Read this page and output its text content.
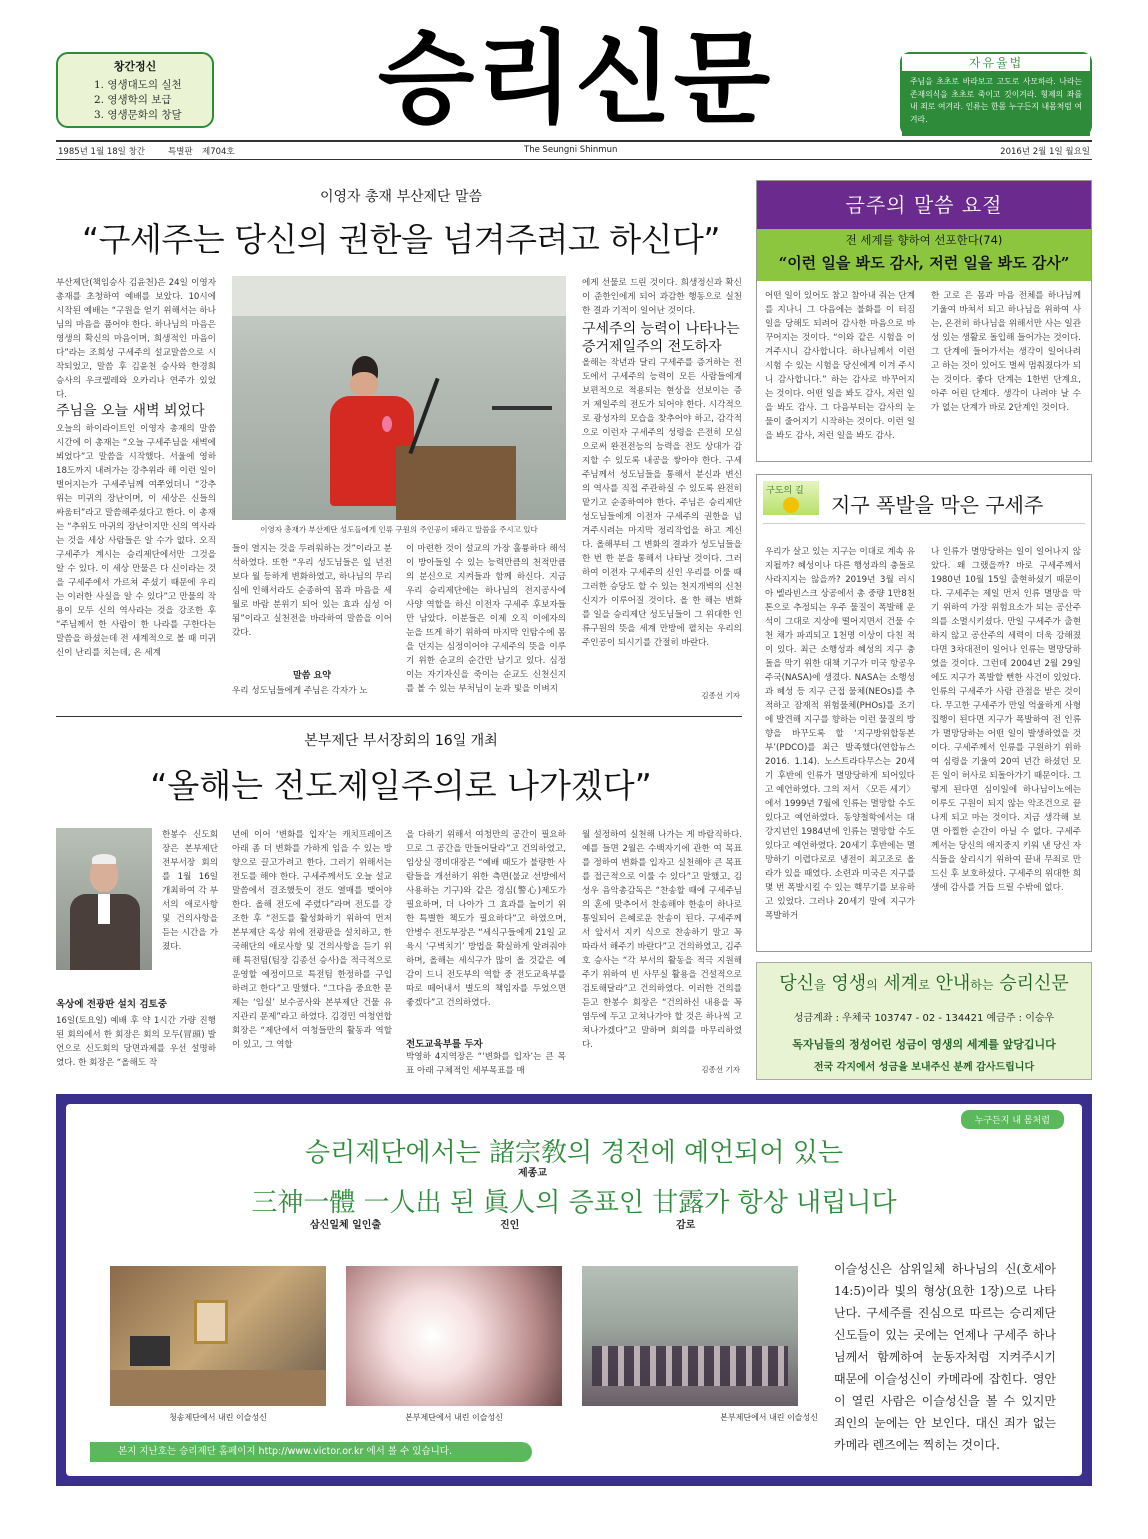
창간정신
1. 영생대도의 실천
2. 영생학의 보급
3. 영생문화의 창달	승리신문	자유율법
주님을 초초로 바라보고 고도로 사모하라. 나라는 존재의식을 초초로 죽이고 깃이겨라. 형제의 좌를 내 죄로 여겨라. 인류는 한몸 누구든지 내몸처럼 여겨라.
1985년 1월 18일 창간	특별판 제704호	The Seungni Shinmun	2016년 2월 1일 월요일
이영자 총재 부산제단 말씀
“구세주는 당신의 권한을 넘겨주려고 하신다”
부산제단(책임승사 김윤천)은 24일 이영자 총재를 초청하여 예배를 보았다. 10시에 시작된 예배는 “구원을 얻기 위해서는 하나님의 마음을 품어야 한다. 하나님의 마음은 영생의 확신의 마음이며, 희생적인 마음이다”라는 조희성 구세주의 설교말씀으로 시작되었고, 말씀 후 김윤천 승사와 한경희 승사의 우크렐레와 오카리나 연주가 있었다.
주님을 오늘 새벽 뵈었다
오늘의 하이라이트인 이영자 총재의 말씀 시간에 이 총재는 “오늘 구세주님을 새벽에 뵈었다”고 말씀을 시작했다. 서울에 영하 18도까지 내려가는 강추위라 해 이런 일이 벌어지는가 구세주님께 여쭈었더니 “강추위는 미귀의 장난이며, 이 세상은 신들의 싸움터”라고 말씀해주셨다고 한다. 이 총재는 “추위도 마귀의 장난이지만 신의 역사라는 것을 세상 사람들은 알 수가 없다. 오직 구세주가 계시는 승리제단에서만 그것을 알 수 있다. 이 세상 만물은 다 신이라는 것을 구세주에서 가르쳐 주셨기 때문에 우리는 이러한 사실을 알 수 있다”고 만물의 작용이 모두 신의 역사라는 것을 강조한 후 “주님께서 한 사람이 한 나라를 구한다는 말씀을 하셨는데 전 세계적으로 볼 때 미귀 신이 난리를 치는데, 온 세계
이영자 총재가 부산제단 성도들에게 인류 구원의 주인공이 돼라고 말씀을 주시고 있다
들이 열지는 것을 두려워하는 것”이라고 분석하였다. 또한 “우리 성도님들은 잎 년전보다 월 등하게 변화하였고, 하나님의 무리심에 인해서라도 순종하여 몸과 마음을 세월로 바람 분위기 되어 있는 효과 심성 이됨”이라고 실천전을 바라하여 말씀을 이어갔다.
말씀 요약
우리 성도님들에게 주님은 각자가 노
이 마련한 것이 설교의 가장 훌륭하다 해석이 방아들일 수 있는 능력만큼의 천적만큼의 분신으로 지켜들과 함께 하신다. 지금 우리 승리제단에는 하나님의 전지공사에 사양 역할을 하신 이전자 구세주 후보자들만 남았다. 이분들은 이제 오직 이에자의 눈을 뜨게 하기 위하여 마지막 인탐수에 몸을 던지는 심정이어야 구세주의 뜻을 이루기 위한 순교의 순간만 남기고 있다. 심정이는 자기자신을 죽이는 순교도 신천신지를 볼 수 있는 부처님이 눈과 빛을 이벼지
에게 선물로 드린 것이다. 희생정신과 확신이 준한인에게 되어 과감한 행동으로 실천한 결과 기적이 일어난 것이다.
구세주의 능력이 나타나는 증거제일주의 전도하자
올해는 작년과 달리 구세주를 증거하는 전도에서 구세주의 능력이 모든 사람들에게 보편적으로 적용되는 현상을 선보이는 증거 제일주의 전도가 되어야 한다. 시각적으로 광성자의 모습을 찾추어야 하고, 감각적으로 이런자 구세주의 성령을 은전히 모심으로써 완전전능의 능력을 전도 상대가 감지할 수 있도록 내공을 쌓아야 한다. 구세주님께서 성도님들을 통해서 분신과 변신의 역사를 직접 주관하실 수 있도록 완전히 맡기고 순종하여야 한다. 주님은 승리제단 성도님들에게 이전자 구세주의 권한을 넘겨주시려는 마지막 정리작업을 하고 계신다. 올해부터 그 변화의 결과가 성도님들을 한 번 한 분을 통해서 나타날 것이다. 그러하여 이전자 구세주의 신인 우리를 이룰 때 그러한 승당도 할 수 있는 천지개벽의 신천신지가 이루어질 것이다. 올 한 해는 변화를 일을 승리제단 성도님들이 그 위대한 인류구원의 뜻을 세계 만방에 펼치는 우리의 주인공이 되시기를 간절히 바란다.
김종선 기자
본부제단 부서장회의 16일 개최
“올해는 전도제일주의로 나가겠다”
한봉수 신도회장은 본부제단 전부서장 회의를 1월 16일 개최하여 각 부서의 애로사항 및 건의사항을 듣는 시간을 가졌다.
옥상에 전광판 설치 검토중
16일(토요일) 예배 후 약 1시간 가량 진행된 회의에서 한 회장은 회의 모두(冒頭) 발언으로 신도회의 당면과제를 우선 설명하였다. 한 회장은 “올해도 작
년에 이어 ‘변화를 입자’는 캐치프레이즈 아래 좀 더 변화를 가하게 임을 수 있는 방향으로 끌고가려고 한다. 그러기 위해서는 전도를 해야 한다. 구세주께서도 오늘 설교 말씀에서 걸조했듯이 전도 열매를 맺어야 한다. 올해 전도에 주렸다”라며 전도를 강조한 후 “전도를 활성화하기 위하여 먼저 본부제단 옥상 위에 전광판을 설치하고, 한국해단의 애로사항 및 건의사항을 듣기 위해 특전팀(팀장 김종선 승사)을 적극적으로 운영할 예정이므로 특전팀 한정하를 구입하려고 한다”고 말했다. “그다음 중요한 문제는 ‘임실’ 보수공사와 본부제단 건물 유지관리 문제”라고 하였다. 김경민 여청연합회장은 “제단에서 여청들만의 활동과 역할이 있고, 그 역할
을 다하기 위해서 여청만의 공간이 필요하므로 그 공간을 만들어달라”고 건의하였고, 임상실 경비대장은 “예배 때도가 불량한 사람들을 개선하기 위한 측면(불교 선방에서 사용하는 기구)와 같은 경심(警心)제도가 필요하며, 더 나아가 그 효과를 높이기 위한 특별한 책도가 필요하다”고 하였으며, 안병수 전도부장은 “세식구들에게 21일 교육시 ‘구벽치기’ 방법을 확실하게 알려줘야 하며, 올해는 세식구가 많이 올 것같은 예감이 드니 전도부의 역할 중 전도교육부를 따로 떼어내서 별도의 책임자를 두었으면 좋겠다”고 건의하였다.
전도교육부를 두자
박영하 4지역장은 “‘변화를 입자’는 큰 목표 아래 구체적인 세부목표를 매
월 설정하여 실천해 나가는 게 바람직하다. 예를 들면 2월은 수백자기에 관한 여 목표를 정하여 변화를 입자고 실천해야 큰 목표를 접근적으로 이룰 수 있다”고 말했고, 김성우 음악총감독은 “찬송할 때에 구세주님의 혼에 맞추어서 찬송해야 한송이 하나로 통일되어 은혜로운 찬송이 된다. 구세주께서 앞서서 지키 식으로 찬송하기 말고 꼭 따라서 해주기 바란다”고 건의하였고, 김주호 승사는 “각 부서의 활동을 적극 지원해 주기 위하여 빈 사무실 활용을 건설적으로 검토해달라”고 건의하였다. 이러한 건의를 듣고 한봉수 회장은 “건의하신 내용을 꼭 염두에 두고 고쳐나가야 할 것은 하나씩 고쳐나가겠다”고 말하며 회의를 마무리하였다.
김종선 기자
금주의 말씀 요절
전 세계를 향하여 선포한다(74)
“이런 일을 봐도 감사, 저런 일을 봐도 감사”
어떤 일이 있어도 참고 참아내 줘는 단계를 지나니 그 다음에는 불화를 이 터짐 일을 당해도 되려어 감사한 마음으로 바꾸어지는 것이다. “이와 같은 시험을 이겨주시니 감사합니다. 하나님께서 이런 시험 수 있는 시험을 당신에게 이겨 주시니 감사합니다.” 하는 감사로 바꾸어지는 것이다. 어떤 일을 봐도 감사, 저런 일을 봐도 감사. 그 다음부터는 감사의 눈물이 줄어지기 시작하는 것이다. 이런 일을 봐도 감사, 저런 일을 봐도 감사.
한 고로 은 몸과 마음 전체를 하나님께 기울여 바쳐서 되고 하나님을 위하여 사는, 온전히 하나님을 위해서만 사는 일관성 있는 생활로 돌입해 들어가는 것이다. 그 단계에 들어가서는 생각이 일어나려고 하는 것이 있어도 벌써 멈춰졌다가 되는 것이다. 좋다 단계는 1한번 단계요, 아주 어린 단계다. 생각이 나려야 날 수가 없는 단계가 바로 2단계인 것이다.
구도의 길
지구 폭발을 막은 구세주
우리가 살고 있는 지구는 이대로 계속 유지될까? 혜성이나 다른 행성과의 충돌로 사라지지는 않을까? 2019년 3월 러시아 벨라빈스크 상공에서 총 중량 1만8천톤으로 추정되는 우주 물질이 폭발해 운석이 그대로 지상에 떨어지면서 건물 수 천 채가 파괴되고 1천명 이상이 다친 적이 있다. 최근 소행성과 혜성의 지구 충돌을 막기 위한 대책 기구가 미국 항공우주국(NASA)에 생겼다. NASA는 소행성과 혜성 등 지구 근접 물체(NEOs)를 추적하고 잠재적 위험물체(PHOs)를 조기에 발견해 지구를 향하는 이런 물질의 방향을 바꾸도록 할 ‘지구방위합동본부’(PDCO)를 최근 발족했다(연합뉴스 2016. 1.14). 노스트라다무스는 20세기 후반에 인류가 멸망당하게 되어있다고 예언하였다. 그의 저서 〈모든 세기〉에서 1999년 7월에 인류는 멸망할 수도 있다고 예언하였다. 동양철학에서는 대강지년인 1984년에 인류는 멸망할 수도 있다고 예언하였다. 20세기 후반에는 멸망하기 이렵다로로 냉전이 최고조로 올라가 있을 때였다. 소련과 미국은 지구를 몇 번 폭발시킬 수 있는 핵무기를 보유하고 있었다. 그러나 20세기 말에 지구가 폭발하거
나 인류가 멸망당하는 일이 일어나지 않았다. 왜 그랬을까? 바로 구세주께서 1980년 10월 15일 출현하셨기 때문이다. 구세주는 제일 먼저 인류 멸망을 막기 위하여 가장 위험요소가 되는 공산주의를 소멸시키셨다. 만일 구세주가 출현하지 않고 공산주의 세력이 더욱 강해졌다면 3차대전이 일어나 인류는 멸망당하였을 것이다. 그런데 2004년 2월 29일에도 지구가 폭발할 뻔한 사건이 있었다. 인류의 구세주가 사람 관점을 받은 것이다. 무고한 구세주가 만일 억울하게 사형집행이 된다면 지구가 폭발하여 전 인류가 멸망당하는 어떤 일이 발생하였을 것이다. 구세주께서 인류를 구원하기 위하여 심령을 기울여 20여 년간 하셨던 모든 일이 허사로 되돌아가기 때문이다. 그렇게 된다면 심이일에 하나님이노에는 이루도 구원이 되지 않는 악조건으로 끝나게 되고 마는 것이다. 지금 생각해 보면 아찔한 순간이 아닐 수 없다. 구세주께서는 당신의 애지중지 키워 낸 당신 자식들을 살리시기 위하여 끝내 무죄로 만드신 후 보호하셨다. 구세주의 위대한 희생에 감사를 거듭 드릴 수밖에 없다.
당신을 영생의 세계로 안내하는 승리신문
성금계좌 : 우체국 103747 - 02 - 134421 예금주 : 이승우
독자님들의 정성어린 성금이 영생의 세계를 앞당깁니다
전국 각지에서 성금을 보내주신 분께 감사드립니다
누구든지 내 몸처럼
승리제단에서는 諸宗敎의 경전에 예언되어 있는
제종교
三神一體 一人出 된 眞人의 증표인 甘露가 항상 내립니다
삼신일체 일인출	진인	감로
청송제단에서 내린 이슬성신	본부제단에서 내린 이슬성신	본부제단에서 내린 이슬성신
이슬성신은 삼위일체 하나님의 신(호세아 14:5)이라 빛의 형상(요한 1장)으로 나타난다. 구세주를 진심으로 따르는 승리제단 신도들이 있는 곳에는 언제나 구세주 하나님께서 함께하여 눈동자처럼 지켜주시기 때문에 이슬성신이 카메라에 잡힌다. 영안이 열린 사람은 이슬성신을 볼 수 있지만 죄인의 눈에는 안 보인다. 대신 죄가 없는 카메라 렌즈에는 찍히는 것이다.
본지 지난호는 승리제단 홈페이지 http://www.victor.or.kr 에서 볼 수 있습니다.
